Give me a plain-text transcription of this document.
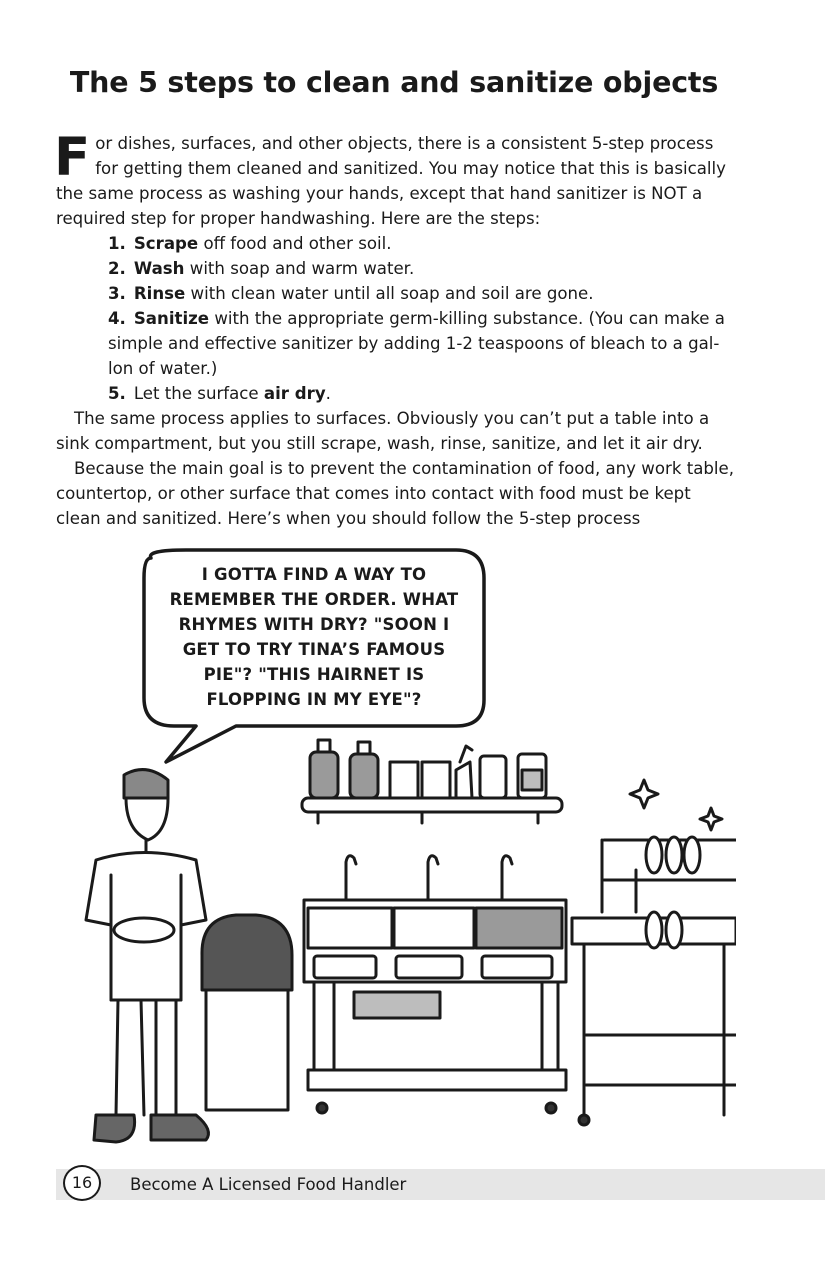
The 5 steps to clean and sanitize objects

For dishes, surfaces, and other objects, there is a consistent 5-step process for getting them cleaned and sanitized. You may notice that this is basically the same process as washing your hands, except that hand sanitizer is NOT a required step for proper handwashing. Here are the steps:

1. Scrape off food and other soil.
2. Wash with soap and warm water.
3. Rinse with clean water until all soap and soil are gone.
4. Sanitize with the appropriate germ-killing substance. (You can make a simple and effective sanitizer by adding 1-2 teaspoons of bleach to a gal-lon of water.)
5. Let the surface air dry.

The same process applies to surfaces. Obviously you can’t put a table into a sink compartment, but you still scrape, wash, rinse, sanitize, and let it air dry.

Because the main goal is to prevent the contamination of food, any work table, countertop, or other surface that comes into contact with food must be kept clean and sanitized. Here’s when you should follow the 5-step process

I GOTTA FIND A WAY TO
REMEMBER THE ORDER. WHAT
RHYMES WITH DRY? "SOON I
GET TO TRY TINA’S FAMOUS
PIE"? "THIS HAIRNET IS
FLOPPING IN MY EYE"?
16	Become A Licensed Food Handler
